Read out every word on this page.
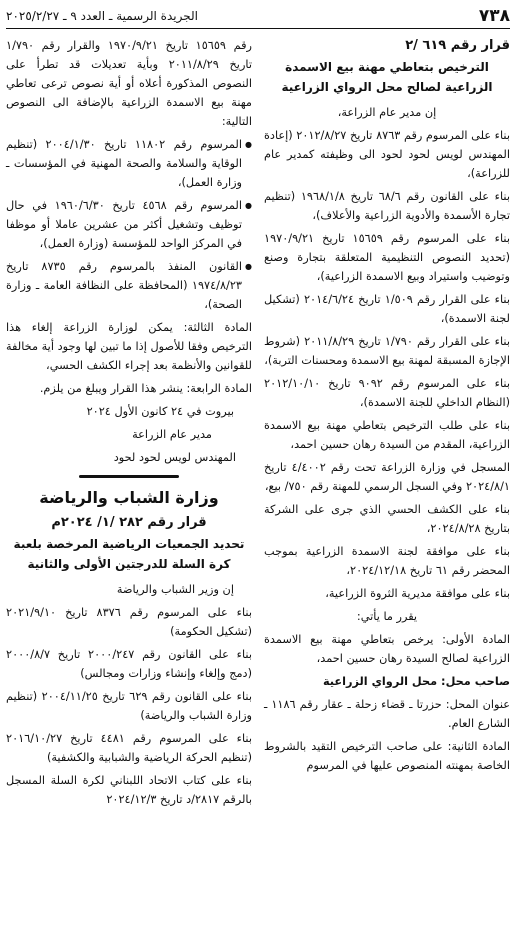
٧٣٨
الجريدة الرسمية ـ العدد ٩ ـ ٢٠٢٥/٢/٢٧
قرار رقم ٦١٩ /٢
الترخيص بتعاطي مهنة بيع الاسمدة الزراعية لصالح محل الرواي الزراعية

إن مدير عام الزراعة،

بناء على المرسوم رقم ٨٧٦٣ تاريخ ٢٠١٢/٨/٢٧ (إعادة المهندس لويس لحود لحود الى وظيفته كمدير عام للزراعة)،

بناء على القانون رقم ٦٨/٦ تاريخ ١٩٦٨/١/٨ (تنظيم تجارة الأسمدة والأدوية الزراعية والأعلاف)،

بناء على المرسوم رقم ١٥٦٥٩ تاريخ ١٩٧٠/٩/٢١ (تحديد النصوص التنظيمية المتعلقة بتجارة وصنع وتوضيب واستيراد وبيع الاسمدة الزراعية)،

بناء على القرار رقم ١/٥٠٩ تاريخ ٢٠١٤/٦/٢٤ (تشكيل لجنة الاسمدة)،

بناء على القرار رقم ١/٧٩٠ تاريخ ٢٠١١/٨/٢٩ (شروط الإجازة المسبقة لمهنة بيع الاسمدة ومحسنات التربة)،

بناء على المرسوم رقم ٩٠٩٢ تاريخ ٢٠١٢/١٠/١٠ (النظام الداخلي للجنة الاسمدة)،

بناء على طلب الترخيص بتعاطي مهنة بيع الاسمدة الزراعية، المقدم من السيدة رهان حسين احمد،

المسجل في وزارة الزراعة تحت رقم ٤/٤٠٠٢ تاريخ ٢٠٢٤/٨/١ وفي السجل الرسمي للمهنة رقم ٧٥٠/ بيع،

بناء على الكشف الحسي الذي جرى على الشركة بتاريخ ٢٠٢٤/٨/٢٨،

بناء على موافقة لجنة الاسمدة الزراعية بموجب المحضر رقم ٦١ تاريخ ٢٠٢٤/١٢/١٨،

بناء على موافقة مديرية الثروة الزراعية،

يقرر ما يأتي:

المادة الأولى: يرخص بتعاطي مهنة بيع الاسمدة الزراعية لصالح السيدة رهان حسين احمد،

صاحب محل: محل الرواي الزراعية

عنوان المحل: حزرتا ـ قضاء زحلة ـ عقار رقم ١١٨٦ ـ الشارع العام.

المادة الثانية: على صاحب الترخيص التقيد بالشروط الخاصة بمهنته المنصوص عليها في المرسوم

رقم ١٥٦٥٩ تاريخ ١٩٧٠/٩/٢١ والقرار رقم ١/٧٩٠ تاريخ ٢٠١١/٨/٢٩ وبأية تعديلات قد تطرأ على النصوص المذكورة أعلاه أو أية نصوص ترعى تعاطي مهنة بيع الاسمدة الزراعية بالإضافة الى النصوص التالية:

● المرسوم رقم ١١٨٠٢ تاريخ ٢٠٠٤/١/٣٠ (تنظيم الوقاية والسلامة والصحة المهنية في المؤسسات ـ وزارة العمل)،
● المرسوم رقم ٤٥٦٨ تاريخ ١٩٦٠/٦/٣٠ في حال توظيف وتشغيل أكثر من عشرين عاملا أو موظفا في المركز الواحد للمؤسسة (وزارة العمل)،
● القانون المنفذ بالمرسوم رقم ٨٧٣٥ تاريخ ١٩٧٤/٨/٢٣ (المحافظة على النظافة العامة ـ وزارة الصحة)،

المادة الثالثة: يمكن لوزارة الزراعة إلغاء هذا الترخيص وفقا للأصول إذا ما تبين لها وجود أية مخالفة للقوانين والأنظمة بعد إجراء الكشف الحسي،

المادة الرابعة: ينشر هذا القرار ويبلغ من يلزم.

بيروت في ٢٤ كانون الأول ٢٠٢٤

مدير عام الزراعة

المهندس لويس لحود لحود

وزارة الشباب والرياضة
قرار رقم ٢٨٢ /١/ ٢٠٢٤م
تحديد الجمعيات الرياضية المرخصة بلعبة كرة السلة للدرجتين الأولى والثانية

إن وزير الشباب والرياضة

بناء على المرسوم رقم ٨٣٧٦ تاريخ ٢٠٢١/٩/١٠ (تشكيل الحكومة)

بناء على القانون رقم ٢٠٠٠/٢٤٧ تاريخ ٢٠٠٠/٨/٧ (دمج وإلغاء وإنشاء وزارات ومجالس)

بناء على القانون رقم ٦٢٩ تاريخ ٢٠٠٤/١١/٢٥ (تنظيم وزارة الشباب والرياضة)

بناء على المرسوم رقم ٤٤٨١ تاريخ ٢٠١٦/١٠/٢٧ (تنظيم الحركة الرياضية والشبابية والكشفية)

بناء على كتاب الاتحاد اللبناني لكرة السلة المسجل بالرقم ٢٨١٧/د تاريخ ٢٠٢٤/١٢/٣
